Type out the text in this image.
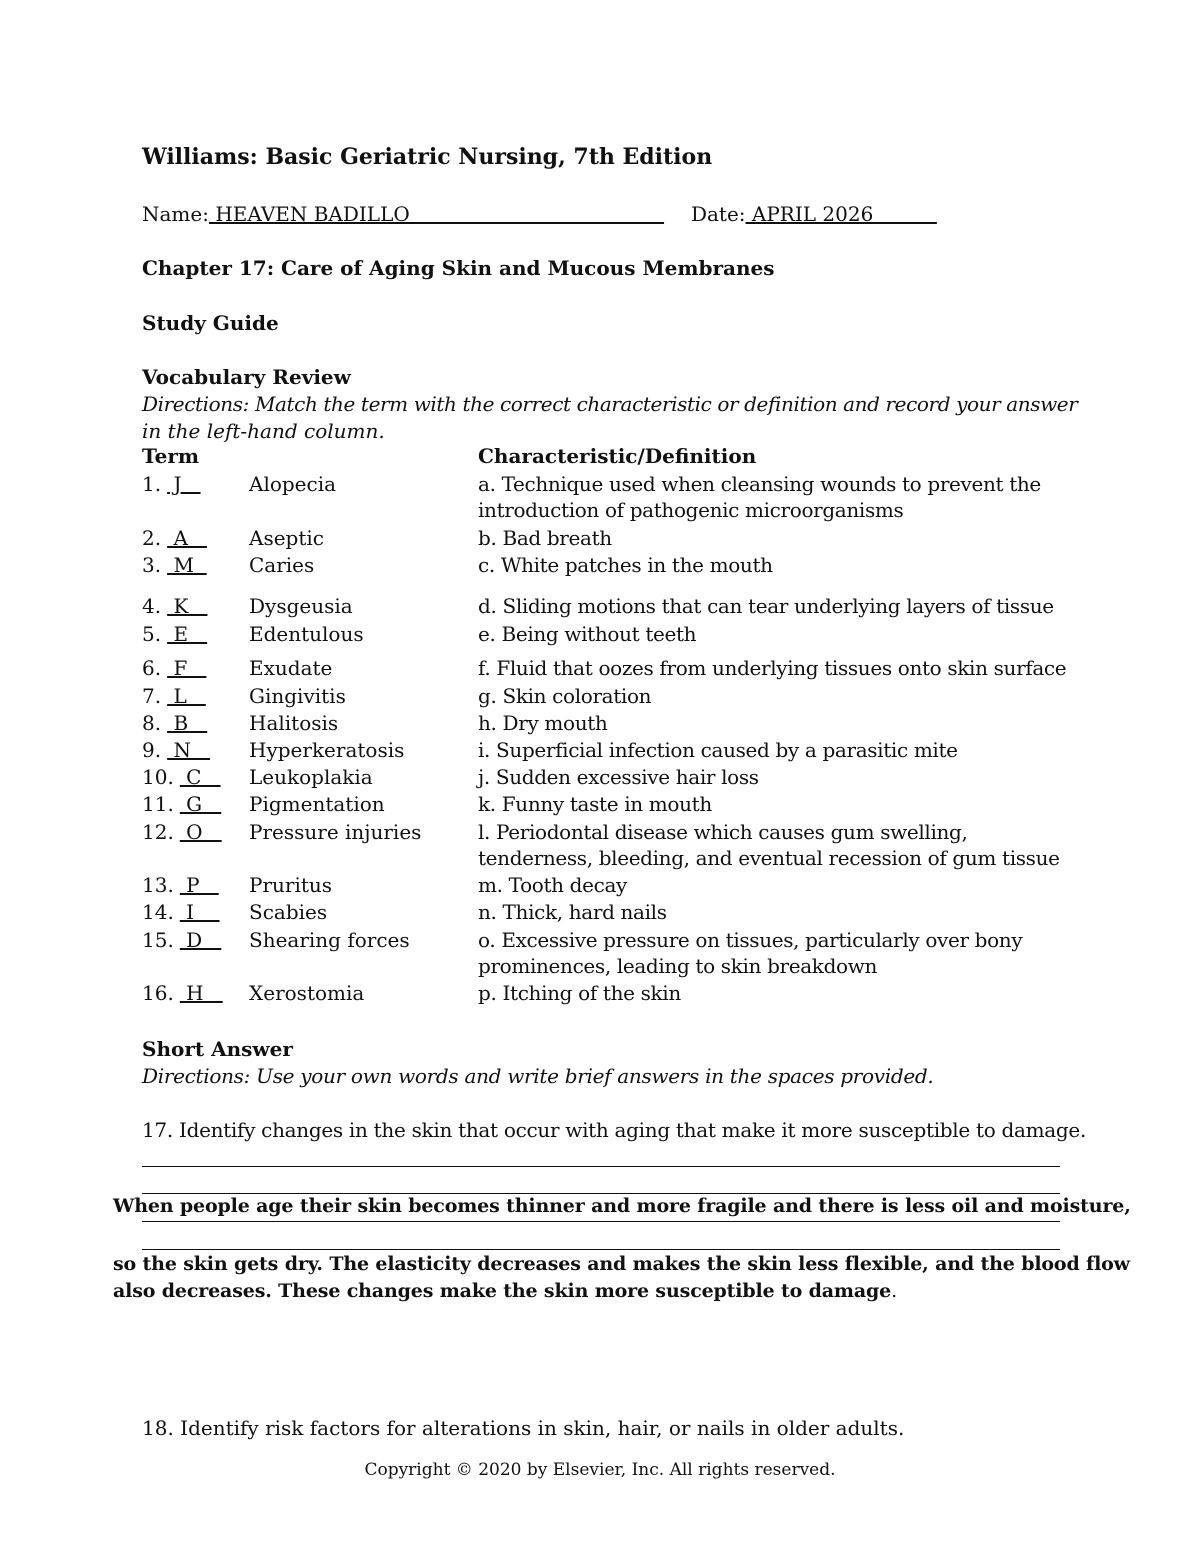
Williams: Basic Geriatric Nursing, 7th Edition
Name: HEAVEN BADILLO                                        Date: APRIL 2026
Chapter 17: Care of Aging Skin and Mucous Membranes
Study Guide
Vocabulary Review
Directions: Match the term with the correct characteristic or definition and record your answer
in the left-hand column.
Term	Characteristic/Definition
1. J	Alopecia	a. Technique used when cleansing wounds to prevent the
introduction of pathogenic microorganisms
2. A	Aseptic	b. Bad breath
3. M	Caries	c. White patches in the mouth
4. K	Dysgeusia	d. Sliding motions that can tear underlying layers of tissue
5. E	Edentulous	e. Being without teeth
6. F	Exudate	f. Fluid that oozes from underlying tissues onto skin surface
7. L	Gingivitis	g. Skin coloration
8. B	Halitosis	h. Dry mouth
9. N Hyperkeratosis	i. Superficial infection caused by a parasitic mite
10. C	Leukoplakia	j. Sudden excessive hair loss
11. G	Pigmentation	k. Funny taste in mouth
12. O	Pressure injuries	l. Periodontal disease which causes gum swelling,
tenderness, bleeding, and eventual recession of gum tissue
13. P	Pruritus	m. Tooth decay
14. I	Scabies	n. Thick, hard nails
15. D	Shearing forces	o. Excessive pressure on tissues, particularly over bony
prominences, leading to skin breakdown
16. H	Xerostomia	p. Itching of the skin
Short Answer
Directions: Use your own words and write brief answers in the spaces provided.
17. Identify changes in the skin that occur with aging that make it more susceptible to damage.
When people age their skin becomes thinner and more fragile and there is less oil and moisture,
so the skin gets dry. The elasticity decreases and makes the skin less flexible, and the blood flow
also decreases. These changes make the skin more susceptible to damage.
18. Identify risk factors for alterations in skin, hair, or nails in older adults.
Copyright © 2020 by Elsevier, Inc. All rights reserved.
